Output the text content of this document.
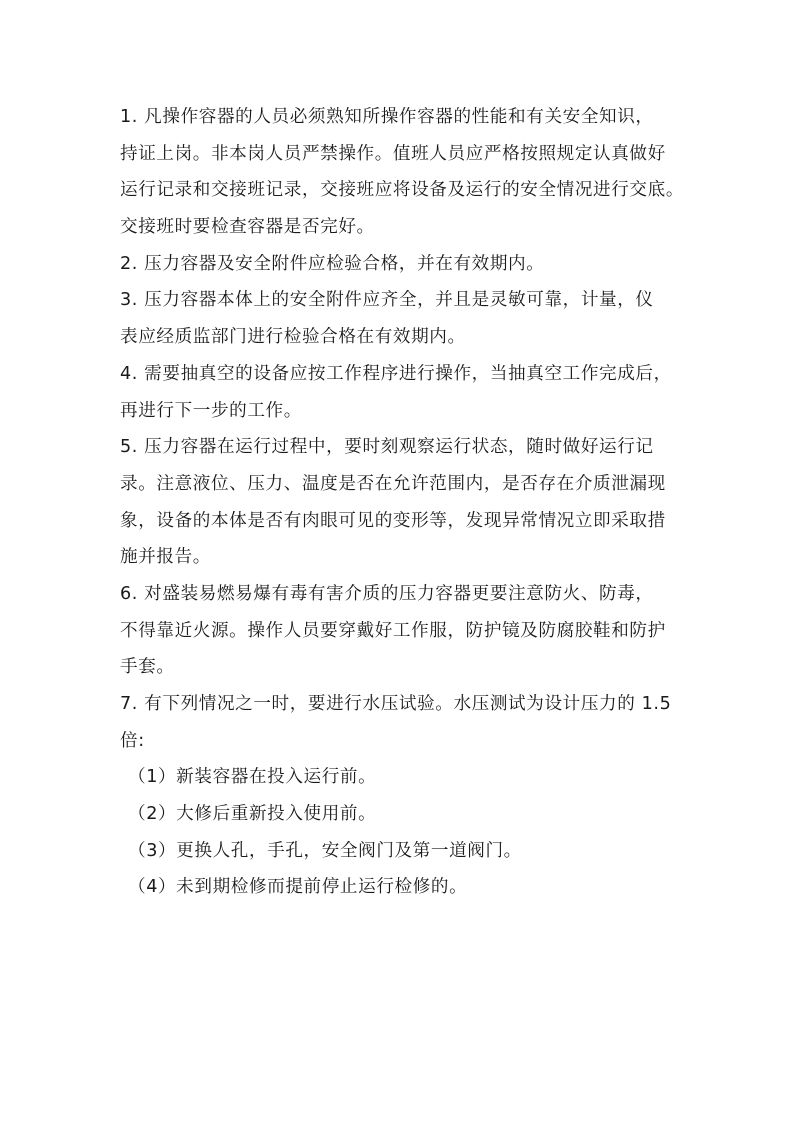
1. 凡操作容器的人员必须熟知所操作容器的性能和有关安全知识，
持证上岗。非本岗人员严禁操作。值班人员应严格按照规定认真做好
运行记录和交接班记录，交接班应将设备及运行的安全情况进行交底。
交接班时要检查容器是否完好。
2. 压力容器及安全附件应检验合格，并在有效期内。
3. 压力容器本体上的安全附件应齐全，并且是灵敏可靠，计量，仪
表应经质监部门进行检验合格在有效期内。
4. 需要抽真空的设备应按工作程序进行操作，当抽真空工作完成后，
再进行下一步的工作。
5. 压力容器在运行过程中，要时刻观察运行状态，随时做好运行记
录。注意液位、压力、温度是否在允许范围内，是否存在介质泄漏现
象，设备的本体是否有肉眼可见的变形等，发现异常情况立即采取措
施并报告。
6. 对盛装易燃易爆有毒有害介质的压力容器更要注意防火、防毒，
不得靠近火源。操作人员要穿戴好工作服，防护镜及防腐胶鞋和防护
手套。
7. 有下列情况之一时，要进行水压试验。水压测试为设计压力的 1.5
倍:
（1）新装容器在投入运行前。
（2）大修后重新投入使用前。
（3）更换人孔，手孔，安全阀门及第一道阀门。
（4）未到期检修而提前停止运行检修的。
